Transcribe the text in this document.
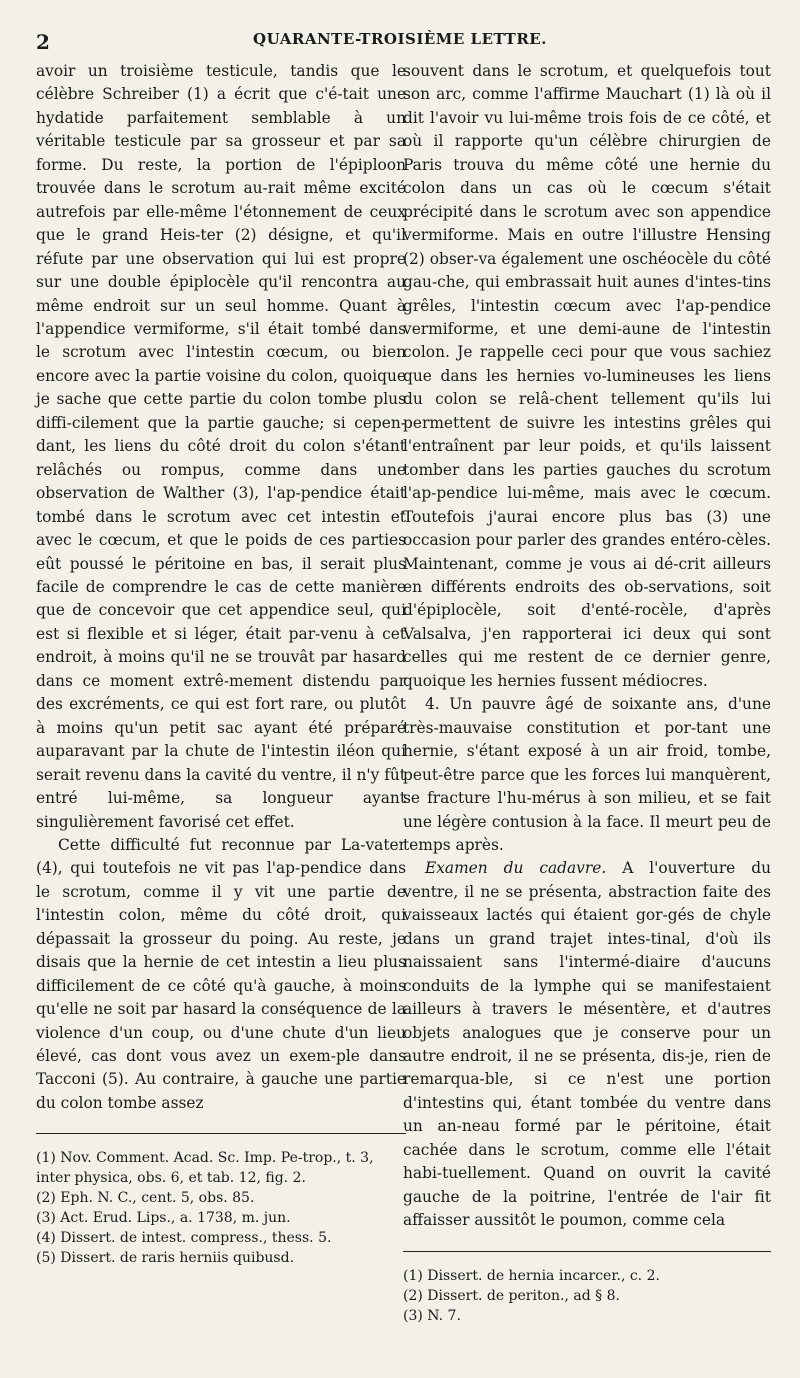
2	QUARANTE-TROISIÈME LETTRE.

avoir un troisième testicule, tandis que le célèbre Schreiber (1) a écrit que c'é-tait une hydatide parfaitement semblable à un véritable testicule par sa grosseur et par sa forme. Du reste, la portion de l'épiploon trouvée dans le scrotum au-rait même excité autrefois par elle-même l'étonnement de ceux que le grand Heis-ter (2) désigne, et qu'il réfute par une observation qui lui est propre sur une double épiplocèle qu'il rencontra au même endroit sur un seul homme. Quant à l'appendice vermiforme, s'il était tombé dans le scrotum avec l'intestin cœcum, ou bien encore avec la partie voisine du colon, quoique je sache que cette partie du colon tombe plus diffi-cilement que la partie gauche; si cepen-dant, les liens du côté droit du colon s'étant relâchés ou rompus, comme dans une observation de Walther (3), l'ap-pendice était tombé dans le scrotum avec cet intestin et avec le cœcum, et que le poids de ces parties eût poussé le péritoine en bas, il serait plus facile de comprendre le cas de cette manière que de concevoir que cet appendice seul, qui est si flexible et si léger, était par-venu à cet endroit, à moins qu'il ne se trouvât par hasard dans ce moment extrê-mement distendu par des excréments, ce qui est fort rare, ou plutôt à moins qu'un petit sac ayant été préparé auparavant par la chute de l'intestin iléon qui serait revenu dans la cavité du ventre, il n'y fût entré lui-même, sa longueur ayant singulièrement favorisé cet effet.

Cette difficulté fut reconnue par La-vater (4), qui toutefois ne vit pas l'ap-pendice dans le scrotum, comme il y vit une partie de l'intestin colon, même du côté droit, qui dépassait la grosseur du poing. Au reste, je disais que la hernie de cet intestin a lieu plus difficilement de ce côté qu'à gauche, à moins qu'elle ne soit par hasard la conséquence de la violence d'un coup, ou d'une chute d'un lieu élevé, cas dont vous avez un exem-ple dans Tacconi (5). Au contraire, à gauche une partie du colon tombe assez

(1) Nov. Comment. Acad. Sc. Imp. Pe-trop., t. 3, inter physica, obs. 6, et tab. 12, fig. 2.
(2) Eph. N. C., cent. 5, obs. 85.
(3) Act. Erud. Lips., a. 1738, m. jun.
(4) Dissert. de intest. compress., thess. 5.
(5) Dissert. de raris herniis quibusd.

souvent dans le scrotum, et quelquefois tout son arc, comme l'affirme Mauchart (1) là où il dit l'avoir vu lui-même trois fois de ce côté, et où il rapporte qu'un célèbre chirurgien de Paris trouva du même côté une hernie du colon dans un cas où le cœcum s'était précipité dans le scrotum avec son appendice vermiforme. Mais en outre l'illustre Hensing (2) obser-va également une oschéocèle du côté gau-che, qui embrassait huit aunes d'intes-tins grêles, l'intestin cœcum avec l'ap-pendice vermiforme, et une demi-aune de l'intestin colon. Je rappelle ceci pour que vous sachiez que dans les hernies vo-lumineuses les liens du colon se relâ-chent tellement qu'ils lui permettent de suivre les intestins grêles qui l'entraînent par leur poids, et qu'ils laissent tomber dans les parties gauches du scrotum l'ap-pendice lui-même, mais avec le cœcum. Toutefois j'aurai encore plus bas (3) une occasion pour parler des grandes entéro-cèles. Maintenant, comme je vous ai dé-crit ailleurs en différents endroits des ob-servations, soit d'épiplocèle, soit d'enté-rocèle, d'après Valsalva, j'en rapporterai ici deux qui sont celles qui me restent de ce dernier genre, quoique les hernies fussent médiocres.

4. Un pauvre âgé de soixante ans, d'une très-mauvaise constitution et por-tant une hernie, s'étant exposé à un air froid, tombe, peut-être parce que les forces lui manquèrent, se fracture l'hu-mérus à son milieu, et se fait une légère contusion à la face. Il meurt peu de temps après.

Examen du cadavre. A l'ouverture du ventre, il ne se présenta, abstraction faite des vaisseaux lactés qui étaient gor-gés de chyle dans un grand trajet intes-tinal, d'où ils naissaient sans l'intermé-diaire d'aucuns conduits de la lymphe qui se manifestaient ailleurs à travers le mésentère, et d'autres objets analogues que je conserve pour un autre endroit, il ne se présenta, dis-je, rien de remarqua-ble, si ce n'est une portion d'intestins qui, étant tombée du ventre dans un an-neau formé par le péritoine, était cachée dans le scrotum, comme elle l'était habi-tuellement. Quand on ouvrit la cavité gauche de la poitrine, l'entrée de l'air fit affaisser aussitôt le poumon, comme cela

(1) Dissert. de hernia incarcer., c. 2.
(2) Dissert. de periton., ad § 8.
(3) N. 7.
